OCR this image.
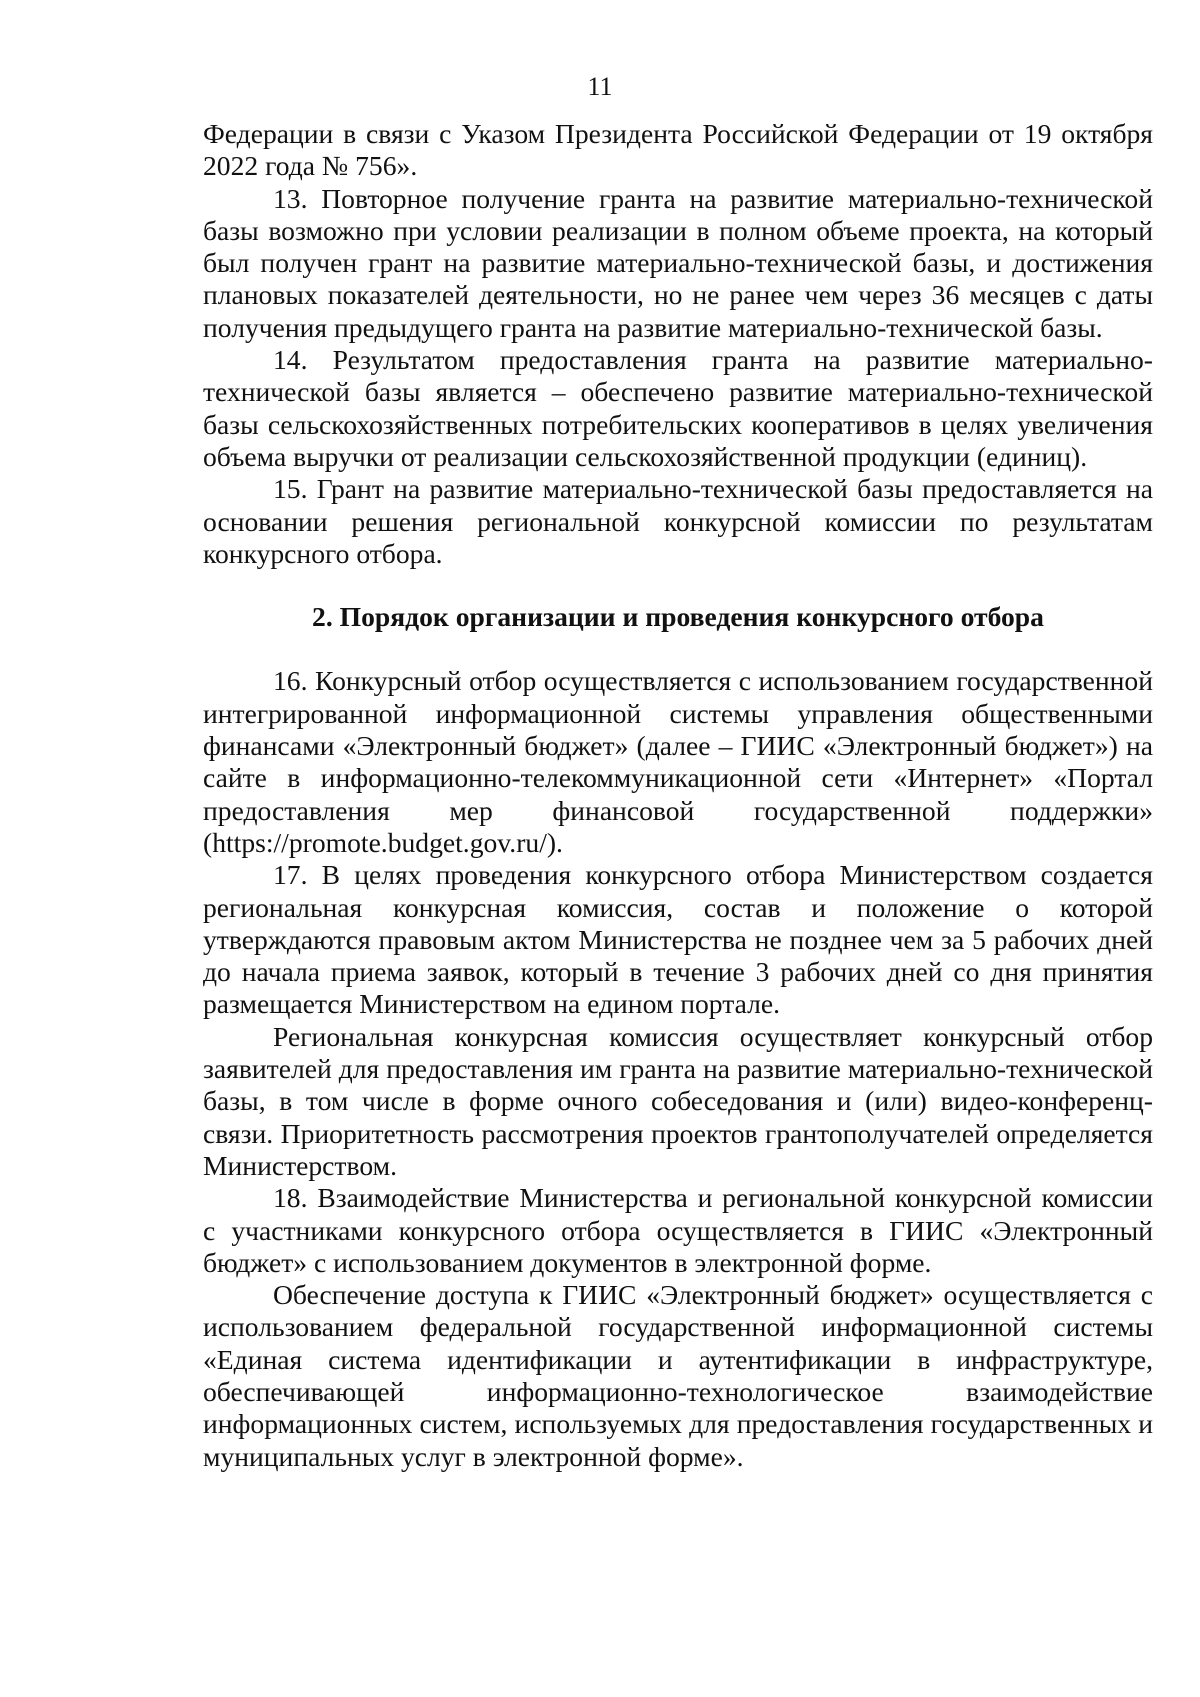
11

Федерации в связи с Указом Президента Российской Федерации от 19 октября 2022 года № 756».

13. Повторное получение гранта на развитие материально-технической базы возможно при условии реализации в полном объеме проекта, на который был получен грант на развитие материально-технической базы, и достижения плановых показателей деятельности, но не ранее чем через 36 месяцев с даты получения предыдущего гранта на развитие материально-технической базы.

14. Результатом предоставления гранта на развитие материально-технической базы является – обеспечено развитие материально-технической базы сельскохозяйственных потребительских кооперативов в целях увеличения объема выручки от реализации сельскохозяйственной продукции (единиц).

15. Грант на развитие материально-технической базы предоставляется на основании решения региональной конкурсной комиссии по результатам конкурсного отбора.

2. Порядок организации и проведения конкурсного отбора

16. Конкурсный отбор осуществляется с использованием государственной интегрированной информационной системы управления общественными финансами «Электронный бюджет» (далее – ГИИС «Электронный бюджет») на сайте в информационно-телекоммуникационной сети «Интернет» «Портал предоставления мер финансовой государственной поддержки» (https://promote.budget.gov.ru/).

17. В целях проведения конкурсного отбора Министерством создается региональная конкурсная комиссия, состав и положение о которой утверждаются правовым актом Министерства не позднее чем за 5 рабочих дней до начала приема заявок, который в течение 3 рабочих дней со дня принятия размещается Министерством на едином портале.

Региональная конкурсная комиссия осуществляет конкурсный отбор заявителей для предоставления им гранта на развитие материально-технической базы, в том числе в форме очного собеседования и (или) видео-конференц-связи. Приоритетность рассмотрения проектов грантополучателей определяется Министерством.

18. Взаимодействие Министерства и региональной конкурсной комиссии с участниками конкурсного отбора осуществляется в ГИИС «Электронный бюджет» с использованием документов в электронной форме.

Обеспечение доступа к ГИИС «Электронный бюджет» осуществляется с использованием федеральной государственной информационной системы «Единая система идентификации и аутентификации в инфраструктуре, обеспечивающей информационно-технологическое взаимодействие информационных систем, используемых для предоставления государственных и муниципальных услуг в электронной форме».
